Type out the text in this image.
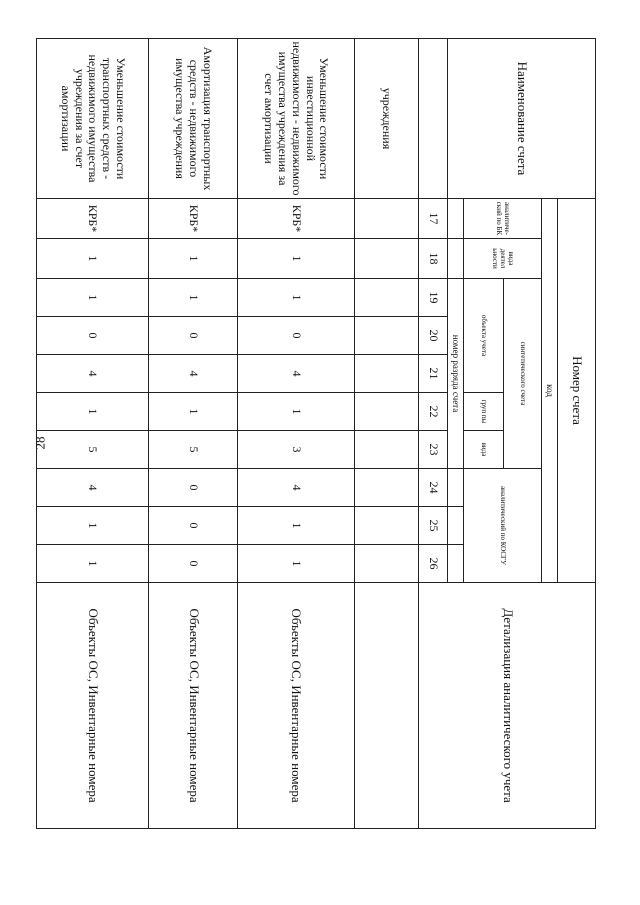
28
Наименование счета	Номер счета										Детализация аналитического учета
	код										
	аналитический по БК	вида деятел ьности	синтетического счета					аналитический по КОСГУ			
			объекта учета			груп пы	вида				
			номер разряда счета								
	17	18	19	20	21	22	23	24	25	26	
учреждения											
Уменьшение стоимости инвестиционной недвижимости - недвижимого имущества учреждения за счет амортизации	КРБ*	1	1	0	4	1	3	4	1	1	Объекты ОС, Инвентарные номера
Амортизация транспортных средств - недвижимого имущества учреждения	КРБ*	1	1	0	4	1	5	0	0	0	Объекты ОС, Инвентарные номера
Уменьшение стоимости транспортных средств - недвижимого имущества учреждения за счет амортизации	КРБ*	1	1	0	4	1	5	4	1	1	Объекты ОС, Инвентарные номера
